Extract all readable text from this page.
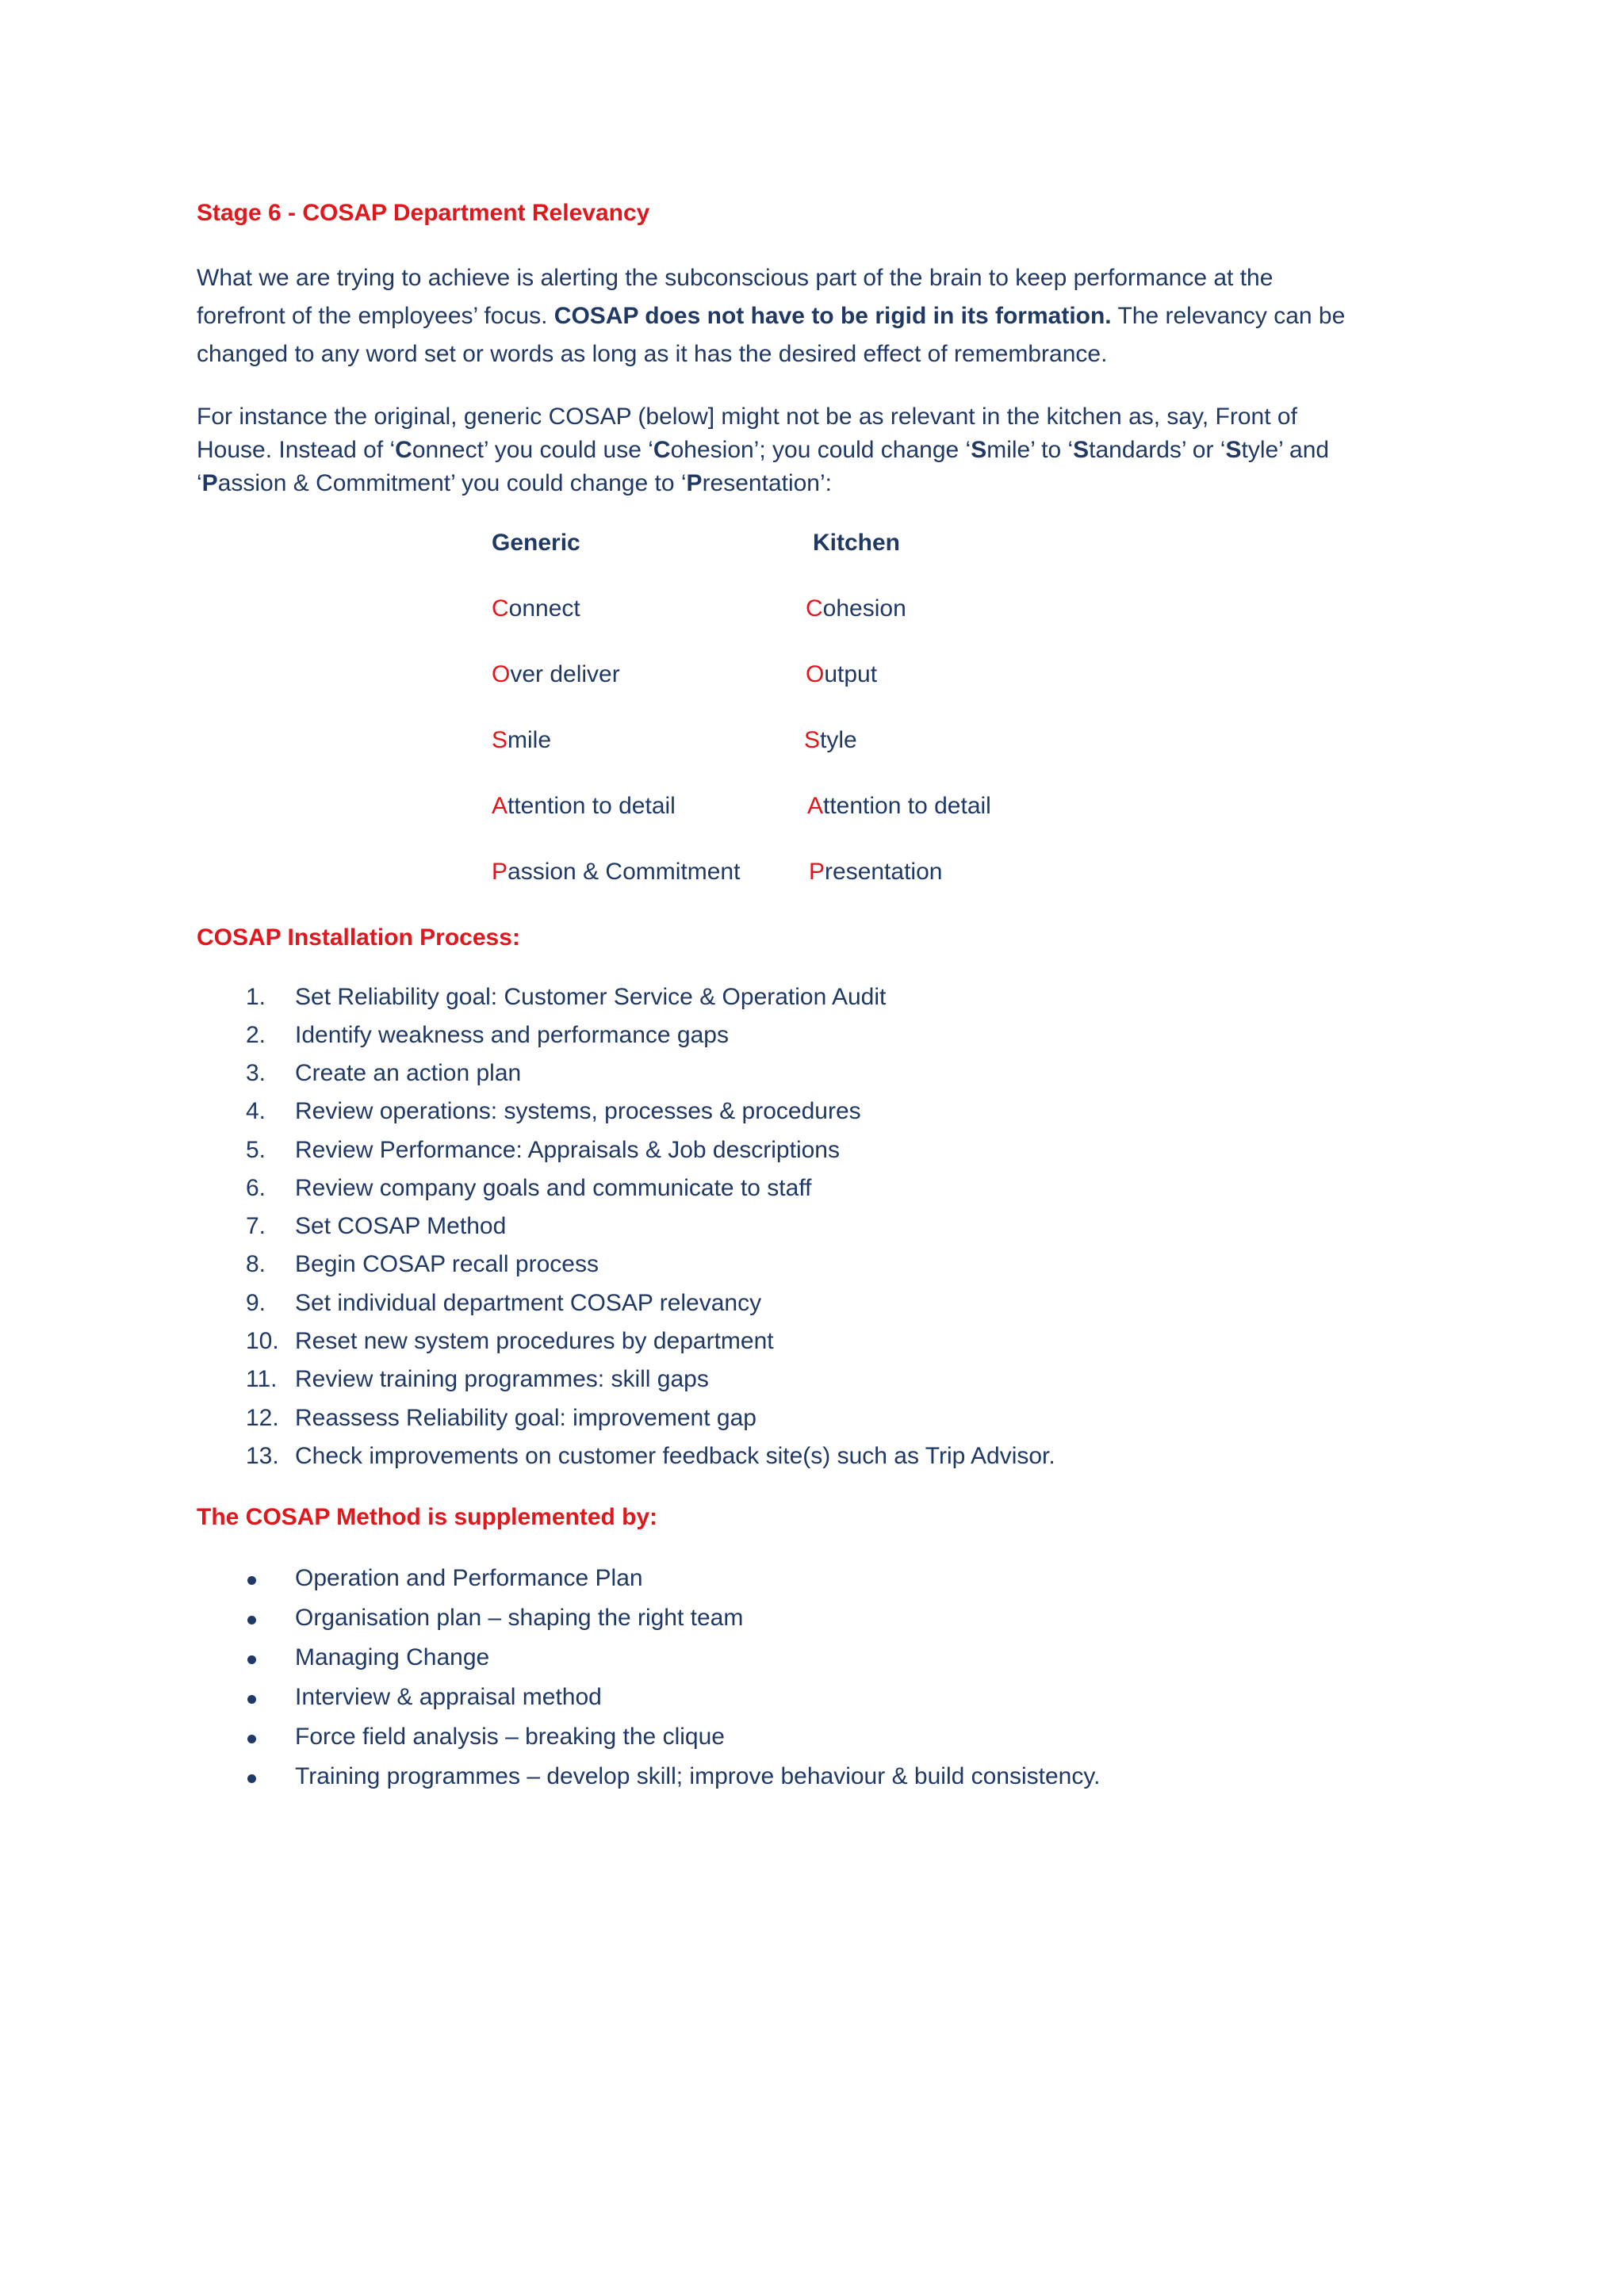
Stage 6 - COSAP Department Relevancy
What we are trying to achieve is alerting the subconscious part of the brain to keep performance at the
forefront of the employees’ focus. COSAP does not have to be rigid in its formation. The relevancy can be
changed to any word set or words as long as it has the desired effect of remembrance.
For instance the original, generic COSAP (below] might not be as relevant in the kitchen as, say, Front of
House. Instead of ‘Connect’ you could use ‘Cohesion’; you could change ‘Smile’ to ‘Standards’ or ‘Style’ and
‘Passion & Commitment’ you could change to ‘Presentation’:
Generic	Kitchen
Connect	Cohesion
Over deliver	Output
Smile	Style
Attention to detail	Attention to detail
Passion & Commitment	Presentation
COSAP Installation Process:
1. Set Reliability goal: Customer Service & Operation Audit
2. Identify weakness and performance gaps
3. Create an action plan
4. Review operations: systems, processes & procedures
5. Review Performance: Appraisals & Job descriptions
6. Review company goals and communicate to staff
7. Set COSAP Method
8. Begin COSAP recall process
9. Set individual department COSAP relevancy
10. Reset new system procedures by department
11. Review training programmes: skill gaps
12. Reassess Reliability goal: improvement gap
13. Check improvements on customer feedback site(s) such as Trip Advisor.
The COSAP Method is supplemented by:
Operation and Performance Plan
Organisation plan – shaping the right team
Managing Change
Interview & appraisal method
Force field analysis – breaking the clique
Training programmes – develop skill; improve behaviour & build consistency.
